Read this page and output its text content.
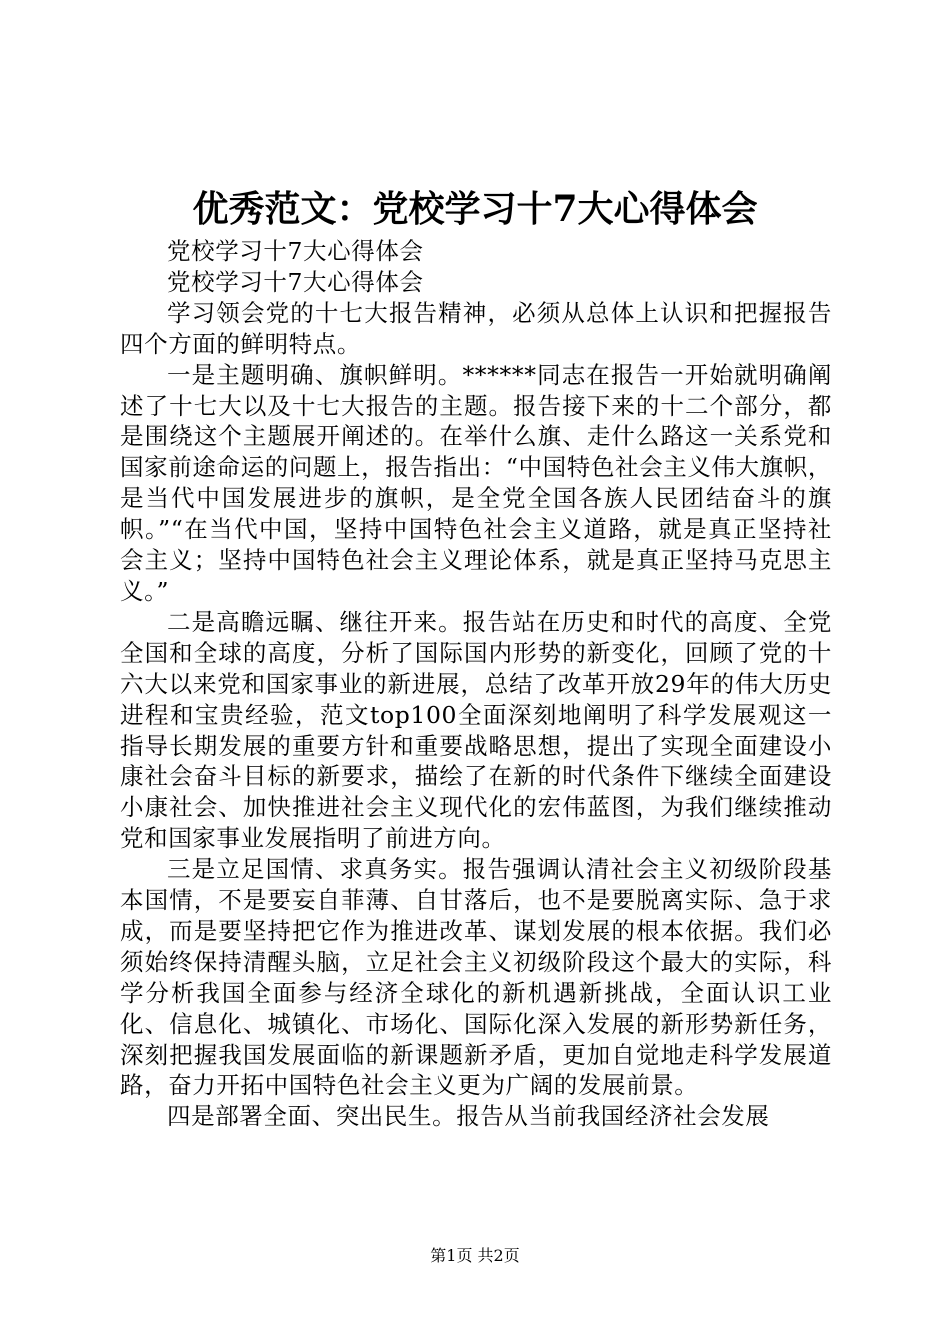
优秀范文：党校学习十7大心得体会

党校学习十7大心得体会

党校学习十7大心得体会

学习领会党的十七大报告精神，必须从总体上认识和把握报告四个方面的鲜明特点。

一是主题明确、旗帜鲜明。******同志在报告一开始就明确阐述了十七大以及十七大报告的主题。报告接下来的十二个部分，都是围绕这个主题展开阐述的。在举什么旗、走什么路这一关系党和国家前途命运的问题上，报告指出：“中国特色社会主义伟大旗帜，是当代中国发展进步的旗帜，是全党全国各族人民团结奋斗的旗帜。”“在当代中国，坚持中国特色社会主义道路，就是真正坚持社会主义；坚持中国特色社会主义理论体系，就是真正坚持马克思主义。”

二是高瞻远瞩、继往开来。报告站在历史和时代的高度、全党全国和全球的高度，分析了国际国内形势的新变化，回顾了党的十六大以来党和国家事业的新进展，总结了改革开放29年的伟大历史进程和宝贵经验，范文top100全面深刻地阐明了科学发展观这一指导长期发展的重要方针和重要战略思想，提出了实现全面建设小康社会奋斗目标的新要求，描绘了在新的时代条件下继续全面建设小康社会、加快推进社会主义现代化的宏伟蓝图，为我们继续推动党和国家事业发展指明了前进方向。

三是立足国情、求真务实。报告强调认清社会主义初级阶段基本国情，不是要妄自菲薄、自甘落后，也不是要脱离实际、急于求成，而是要坚持把它作为推进改革、谋划发展的根本依据。我们必须始终保持清醒头脑，立足社会主义初级阶段这个最大的实际，科学分析我国全面参与经济全球化的新机遇新挑战，全面认识工业化、信息化、城镇化、市场化、国际化深入发展的新形势新任务，深刻把握我国发展面临的新课题新矛盾，更加自觉地走科学发展道路，奋力开拓中国特色社会主义更为广阔的发展前景。

四是部署全面、突出民生。报告从当前我国经济社会发展

第1页 共2页
